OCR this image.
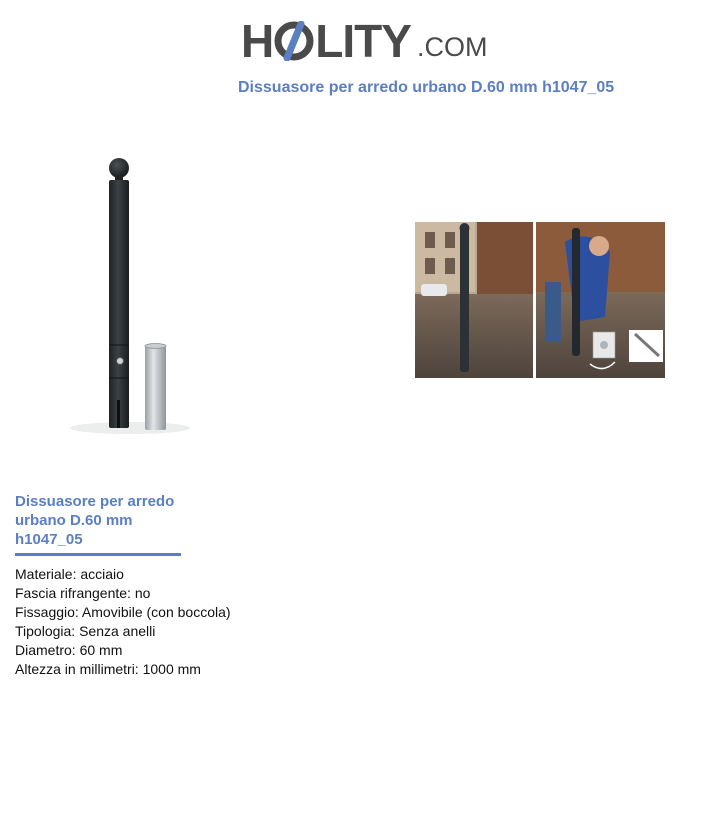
H LITY .COM
Dissuasore per arredo urbano D.60 mm h1047_05
Dissuasore per arredo
urbano D.60 mm
h1047_05
Materiale: acciaio
Fascia rifrangente: no
Fissaggio: Amovibile (con boccola)
Tipologia: Senza anelli
Diametro: 60 mm
Altezza in millimetri: 1000 mm
